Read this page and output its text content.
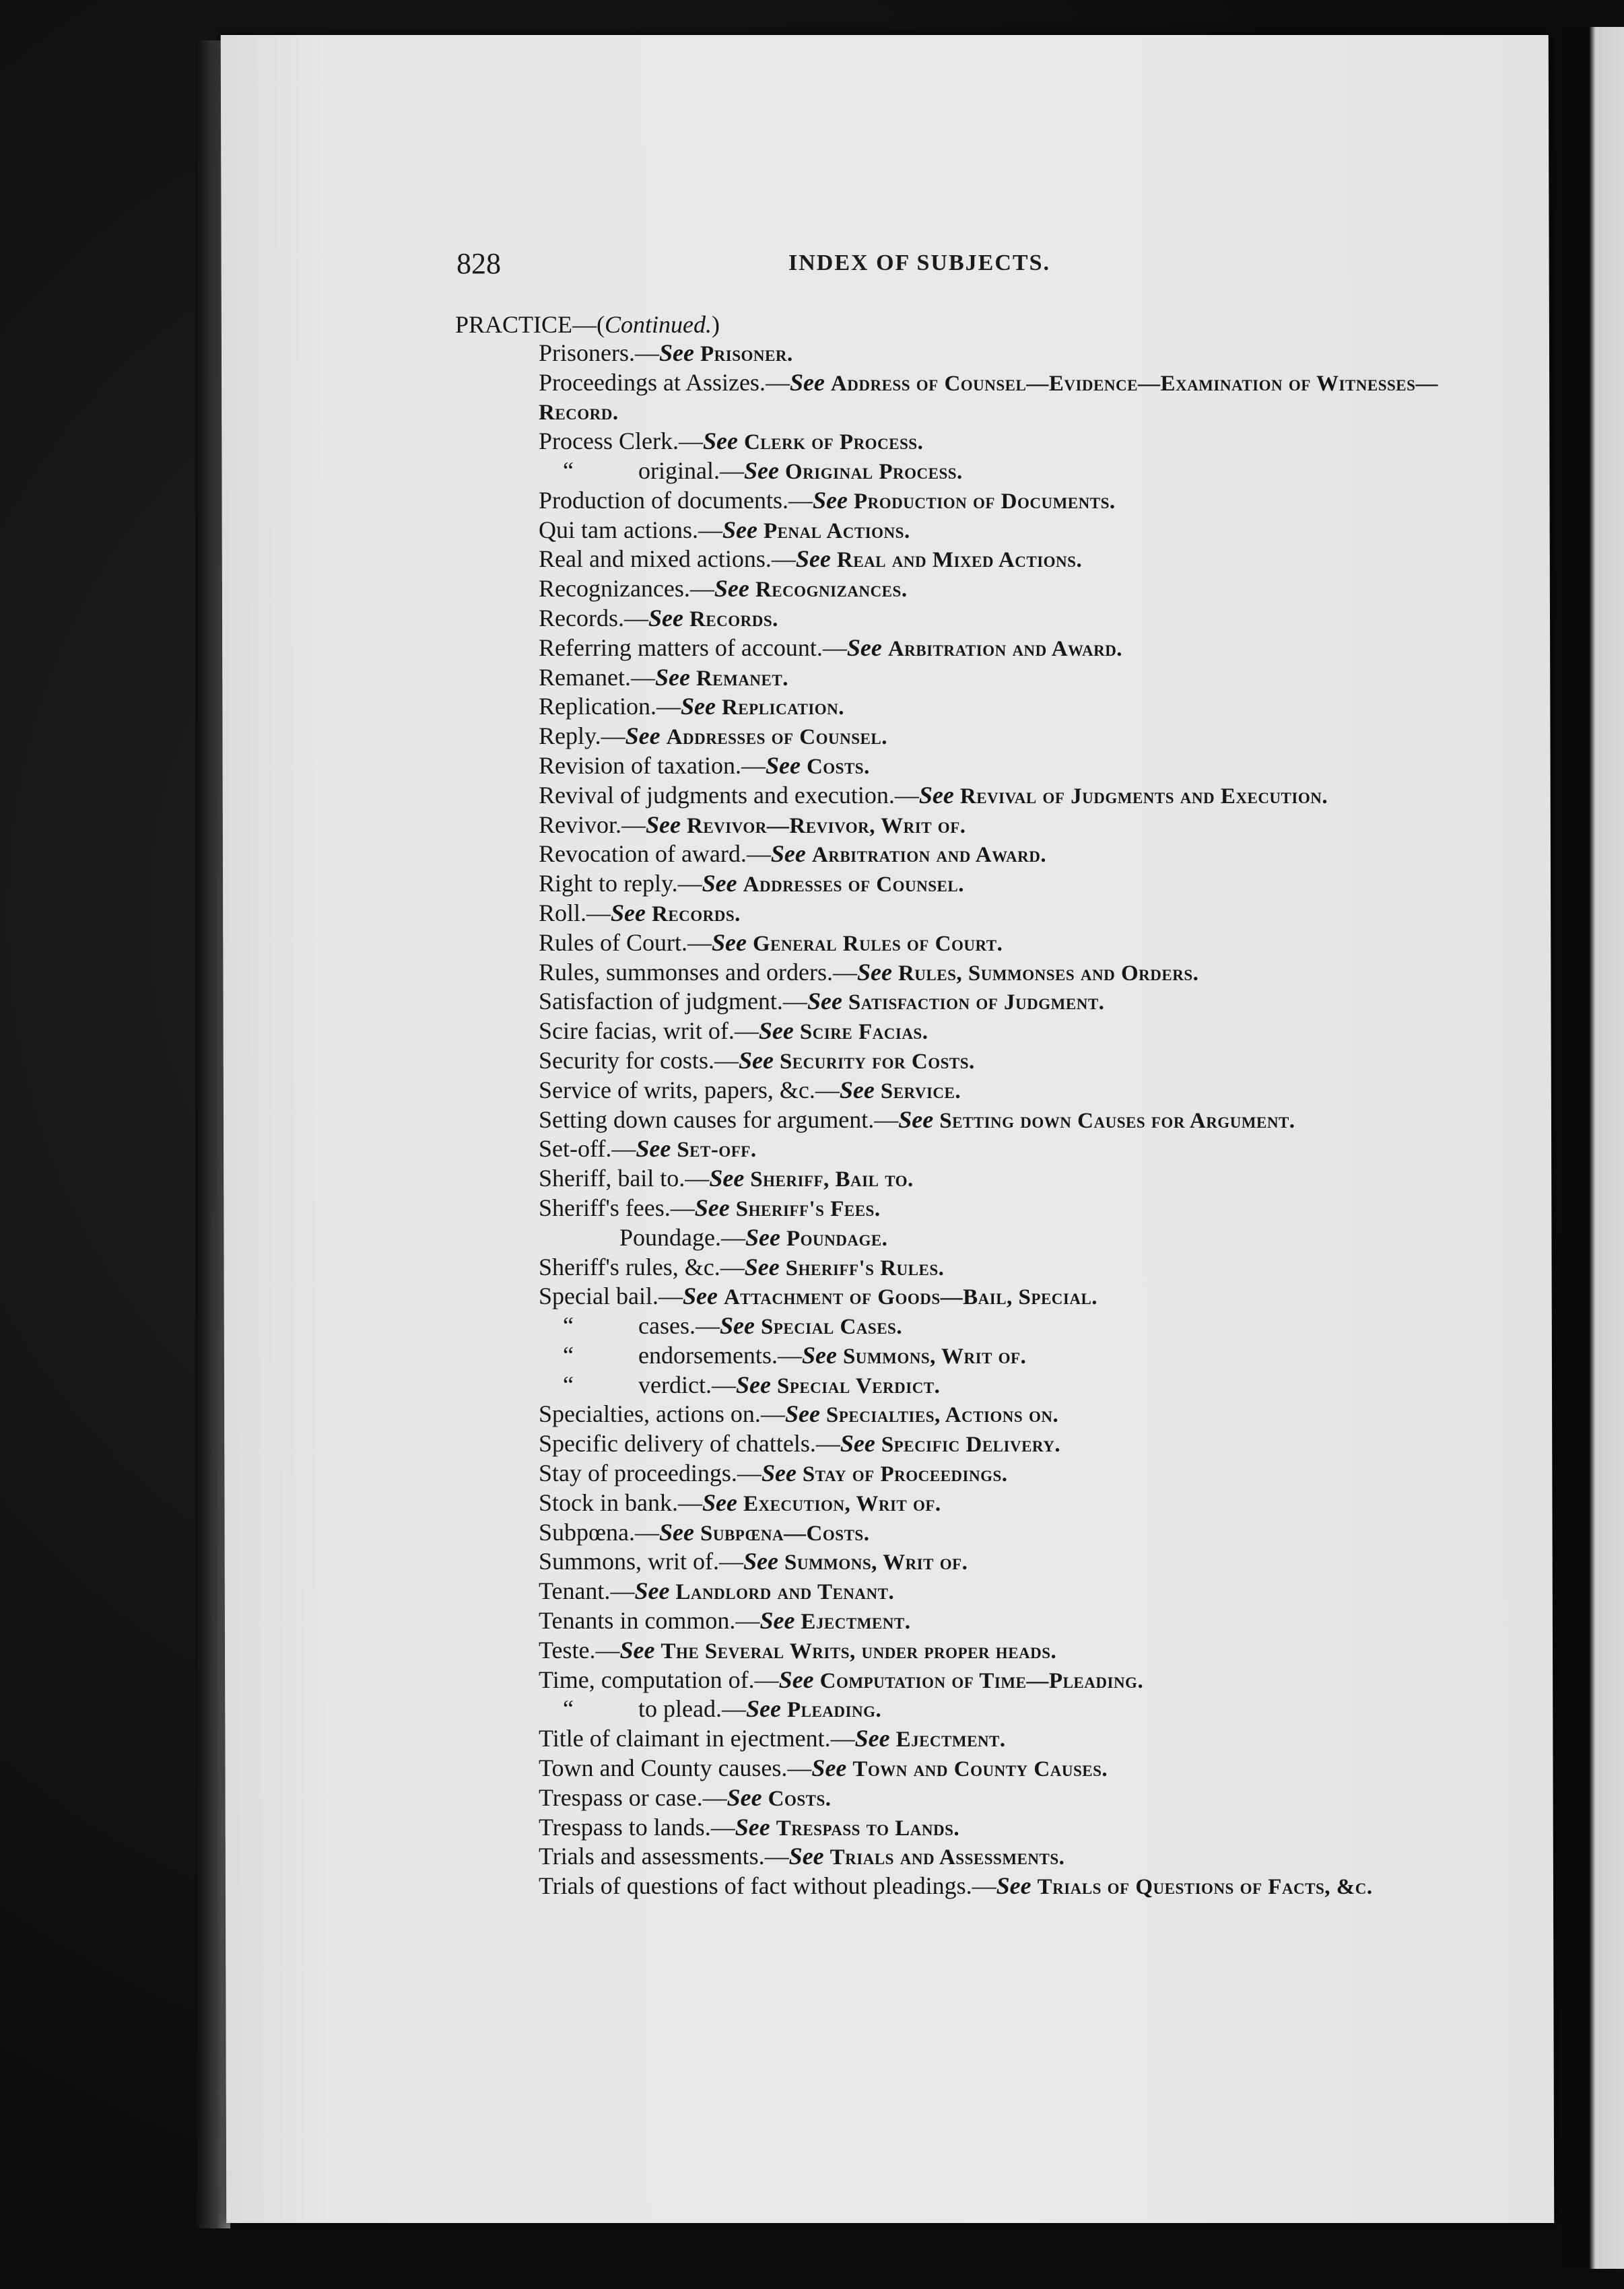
828	INDEX OF SUBJECTS.
PRACTICE—(Continued.)
Prisoners.—See Prisoner.
Proceedings at Assizes.—See Address of Counsel—Evidence—Examination of Witnesses—Record.
Process Clerk.—See Clerk of Process.
“	original.—See Original Process.
Production of documents.—See Production of Documents.
Qui tam actions.—See Penal Actions.
Real and mixed actions.—See Real and Mixed Actions.
Recognizances.—See Recognizances.
Records.—See Records.
Referring matters of account.—See Arbitration and Award.
Remanet.—See Remanet.
Replication.—See Replication.
Reply.—See Addresses of Counsel.
Revision of taxation.—See Costs.
Revival of judgments and execution.—See Revival of Judgments and Execution.
Revivor.—See Revivor—Revivor, Writ of.
Revocation of award.—See Arbitration and Award.
Right to reply.—See Addresses of Counsel.
Roll.—See Records.
Rules of Court.—See General Rules of Court.
Rules, summonses and orders.—See Rules, Summonses and Orders.
Satisfaction of judgment.—See Satisfaction of Judgment.
Scire facias, writ of.—See Scire Facias.
Security for costs.—See Security for Costs.
Service of writs, papers, &c.—See Service.
Setting down causes for argument.—See Setting down Causes for Argument.
Set-off.—See Set-off.
Sheriff, bail to.—See Sheriff, Bail to.
Sheriff's fees.—See Sheriff's Fees.
Poundage.—See Poundage.
Sheriff's rules, &c.—See Sheriff's Rules.
Special bail.—See Attachment of Goods—Bail, Special.
“	cases.—See Special Cases.
“	endorsements.—See Summons, Writ of.
“	verdict.—See Special Verdict.
Specialties, actions on.—See Specialties, Actions on.
Specific delivery of chattels.—See Specific Delivery.
Stay of proceedings.—See Stay of Proceedings.
Stock in bank.—See Execution, Writ of.
Subpœna.—See Subpœna—Costs.
Summons, writ of.—See Summons, Writ of.
Tenant.—See Landlord and Tenant.
Tenants in common.—See Ejectment.
Teste.—See The Several Writs, under proper heads.
Time, computation of.—See Computation of Time—Pleading.
“	to plead.—See Pleading.
Title of claimant in ejectment.—See Ejectment.
Town and County causes.—See Town and County Causes.
Trespass or case.—See Costs.
Trespass to lands.—See Trespass to Lands.
Trials and assessments.—See Trials and Assessments.
Trials of questions of fact without pleadings.—See Trials of Questions of Facts, &c.
